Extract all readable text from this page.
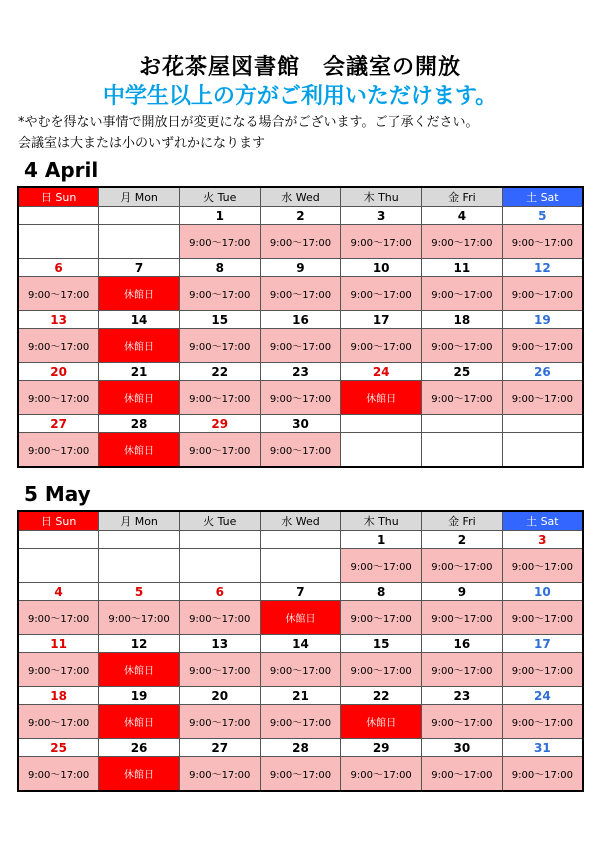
お花茶屋図書館　会議室の開放
中学生以上の方がご利用いただけます。
*やむを得ない事情で開放日が変更になる場合がございます。ご了承ください。
会議室は大または小のいずれかになります
4 April
日 Sun	月 Mon	火 Tue	水 Wed	木 Thu	金 Fri	土 Sat
		1	2	3	4	5
		9:00～17:00	9:00～17:00	9:00～17:00	9:00～17:00	9:00～17:00
6	7	8	9	10	11	12
9:00～17:00	休館日	9:00～17:00	9:00～17:00	9:00～17:00	9:00～17:00	9:00～17:00
13	14	15	16	17	18	19
9:00～17:00	休館日	9:00～17:00	9:00～17:00	9:00～17:00	9:00～17:00	9:00～17:00
20	21	22	23	24	25	26
9:00～17:00	休館日	9:00～17:00	9:00～17:00	休館日	9:00～17:00	9:00～17:00
27	28	29	30			
9:00～17:00	休館日	9:00～17:00	9:00～17:00			
5 May
日 Sun	月 Mon	火 Tue	水 Wed	木 Thu	金 Fri	土 Sat
				1	2	3
				9:00～17:00	9:00～17:00	9:00～17:00
4	5	6	7	8	9	10
9:00～17:00	9:00～17:00	9:00～17:00	休館日	9:00～17:00	9:00～17:00	9:00～17:00
11	12	13	14	15	16	17
9:00～17:00	休館日	9:00～17:00	9:00～17:00	9:00～17:00	9:00～17:00	9:00～17:00
18	19	20	21	22	23	24
9:00～17:00	休館日	9:00～17:00	9:00～17:00	休館日	9:00～17:00	9:00～17:00
25	26	27	28	29	30	31
9:00～17:00	休館日	9:00～17:00	9:00～17:00	9:00～17:00	9:00～17:00	9:00～17:00
